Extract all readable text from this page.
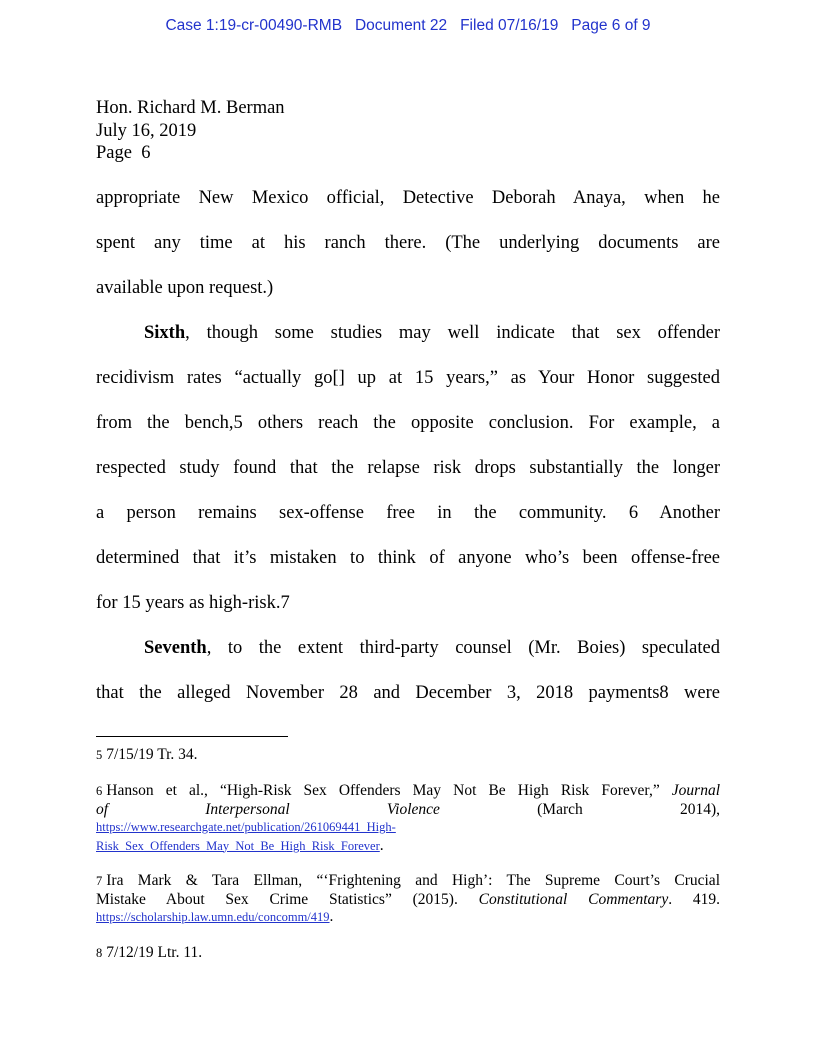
Case 1:19-cr-00490-RMB Document 22 Filed 07/16/19 Page 6 of 9
Hon. Richard M. Berman
July 16, 2019
Page  6
appropriate New Mexico official, Detective Deborah Anaya, when he
spent any time at his ranch there. (The underlying documents are
available upon request.)
Sixth, though some studies may well indicate that sex offender
recidivism rates “actually go[] up at 15 years,” as Your Honor suggested
from the bench,5 others reach the opposite conclusion. For example, a
respected study found that the relapse risk drops substantially the longer
a person remains sex-offense free in the community. 6 Another
determined that it’s mistaken to think of anyone who’s been offense-free
for 15 years as high-risk.7
Seventh, to the extent third-party counsel (Mr. Boies) speculated
that the alleged November 28 and December 3, 2018 payments8 were
5 7/15/19 Tr. 34.
6 Hanson et al., “High-Risk Sex Offenders May Not Be High Risk Forever,” Journal
of Interpersonal Violence	(March 2014),
https://www.researchgate.net/publication/261069441_High-
Risk_Sex_Offenders_May_Not_Be_High_Risk_Forever.
7 Ira Mark & Tara Ellman, “‘Frightening and High’: The Supreme Court’s Crucial
Mistake About Sex Crime Statistics” (2015). Constitutional Commentary. 419.
https://scholarship.law.umn.edu/concomm/419.
8 7/12/19 Ltr. 11.
